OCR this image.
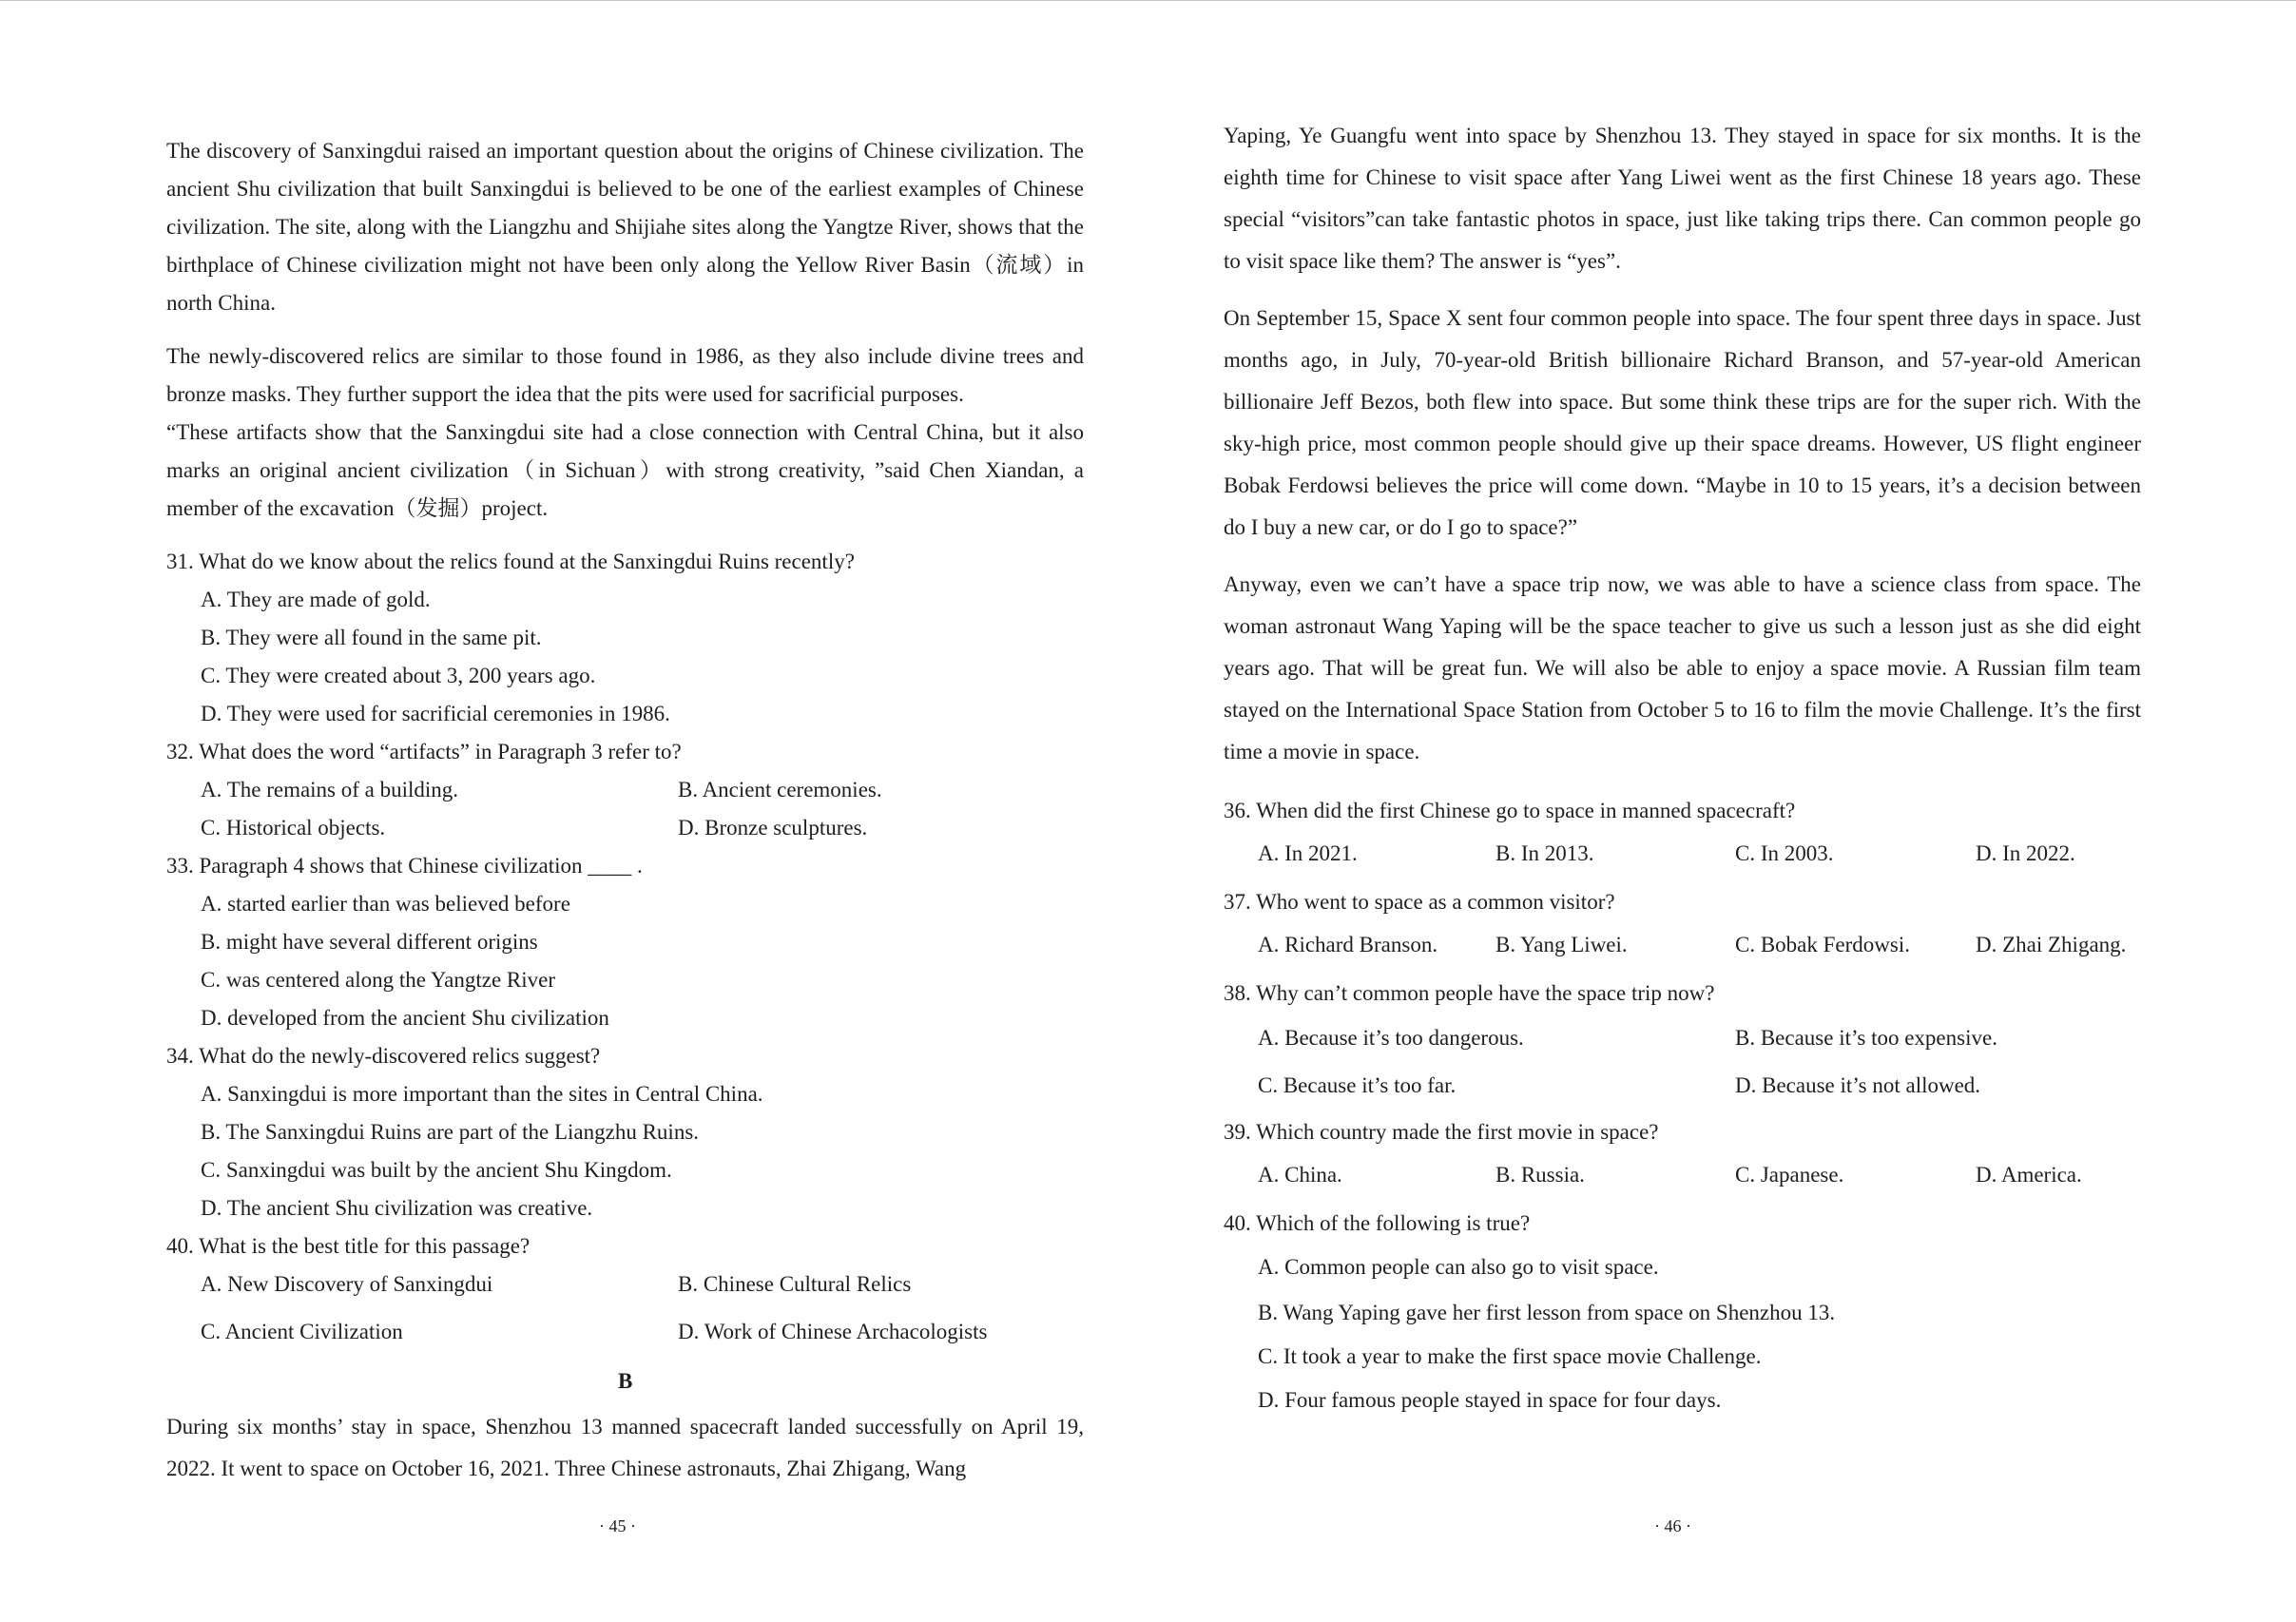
The discovery of Sanxingdui raised an important question about the origins of Chinese civilization. The ancient Shu civilization that built Sanxingdui is believed to be one of the earliest examples of Chinese civilization. The site, along with the Liangzhu and Shijiahe sites along the Yangtze River, shows that the birthplace of Chinese civilization might not have been only along the Yellow River Basin（流域）in north China.

The newly-discovered relics are similar to those found in 1986, as they also include divine trees and bronze masks. They further support the idea that the pits were used for sacrificial purposes.

“These artifacts show that the Sanxingdui site had a close connection with Central China, but it also marks an original ancient civilization（in Sichuan）with strong creativity, ”said Chen Xiandan, a member of the excavation（发掘）project.

31. What do we know about the relics found at the Sanxingdui Ruins recently?

A. They are made of gold.

B. They were all found in the same pit.

C. They were created about 3, 200 years ago.

D. They were used for sacrificial ceremonies in 1986.

32. What does the word “artifacts” in Paragraph 3 refer to?

A. The remains of a building.	B. Ancient ceremonies.
C. Historical objects.	D. Bronze sculptures.

33. Paragraph 4 shows that Chinese civilization ____ .

A. started earlier than was believed before

B. might have several different origins

C. was centered along the Yangtze River

D. developed from the ancient Shu civilization

34. What do the newly-discovered relics suggest?

A. Sanxingdui is more important than the sites in Central China.

B. The Sanxingdui Ruins are part of the Liangzhu Ruins.

C. Sanxingdui was built by the ancient Shu Kingdom.

D. The ancient Shu civilization was creative.

40. What is the best title for this passage?

A. New Discovery of Sanxingdui	B. Chinese Cultural Relics
C. Ancient Civilization	D. Work of Chinese Archacologists

B

During six months’ stay in space, Shenzhou 13 manned spacecraft landed successfully on April 19, 2022. It went to space on October 16, 2021. Three Chinese astronauts, Zhai Zhigang, Wang

· 45 ·

Yaping, Ye Guangfu went into space by Shenzhou 13. They stayed in space for six months. It is the eighth time for Chinese to visit space after Yang Liwei went as the first Chinese 18 years ago. These special “visitors”can take fantastic photos in space, just like taking trips there. Can common people go to visit space like them? The answer is “yes”.

On September 15, Space X sent four common people into space. The four spent three days in space. Just months ago, in July, 70-year-old British billionaire Richard Branson, and 57-year-old American billionaire Jeff Bezos, both flew into space. But some think these trips are for the super rich. With the sky-high price, most common people should give up their space dreams. However, US flight engineer Bobak Ferdowsi believes the price will come down. “Maybe in 10 to 15 years, it’s a decision between do I buy a new car, or do I go to space?”

Anyway, even we can’t have a space trip now, we was able to have a science class from space. The woman astronaut Wang Yaping will be the space teacher to give us such a lesson just as she did eight years ago. That will be great fun. We will also be able to enjoy a space movie. A Russian film team stayed on the International Space Station from October 5 to 16 to film the movie Challenge. It’s the first time a movie in space.

36. When did the first Chinese go to space in manned spacecraft?

A. In 2021.	B. In 2013.	C. In 2003.	D. In 2022.

37. Who went to space as a common visitor?

A. Richard Branson.	B. Yang Liwei.	C. Bobak Ferdowsi.	D. Zhai Zhigang.

38. Why can’t common people have the space trip now?

A. Because it’s too dangerous.	B. Because it’s too expensive.
C. Because it’s too far.	D. Because it’s not allowed.

39. Which country made the first movie in space?

A. China.	B. Russia.	C. Japanese.	D. America.

40. Which of the following is true?

A. Common people can also go to visit space.

B. Wang Yaping gave her first lesson from space on Shenzhou 13.

C. It took a year to make the first space movie Challenge.

D. Four famous people stayed in space for four days.

· 46 ·
